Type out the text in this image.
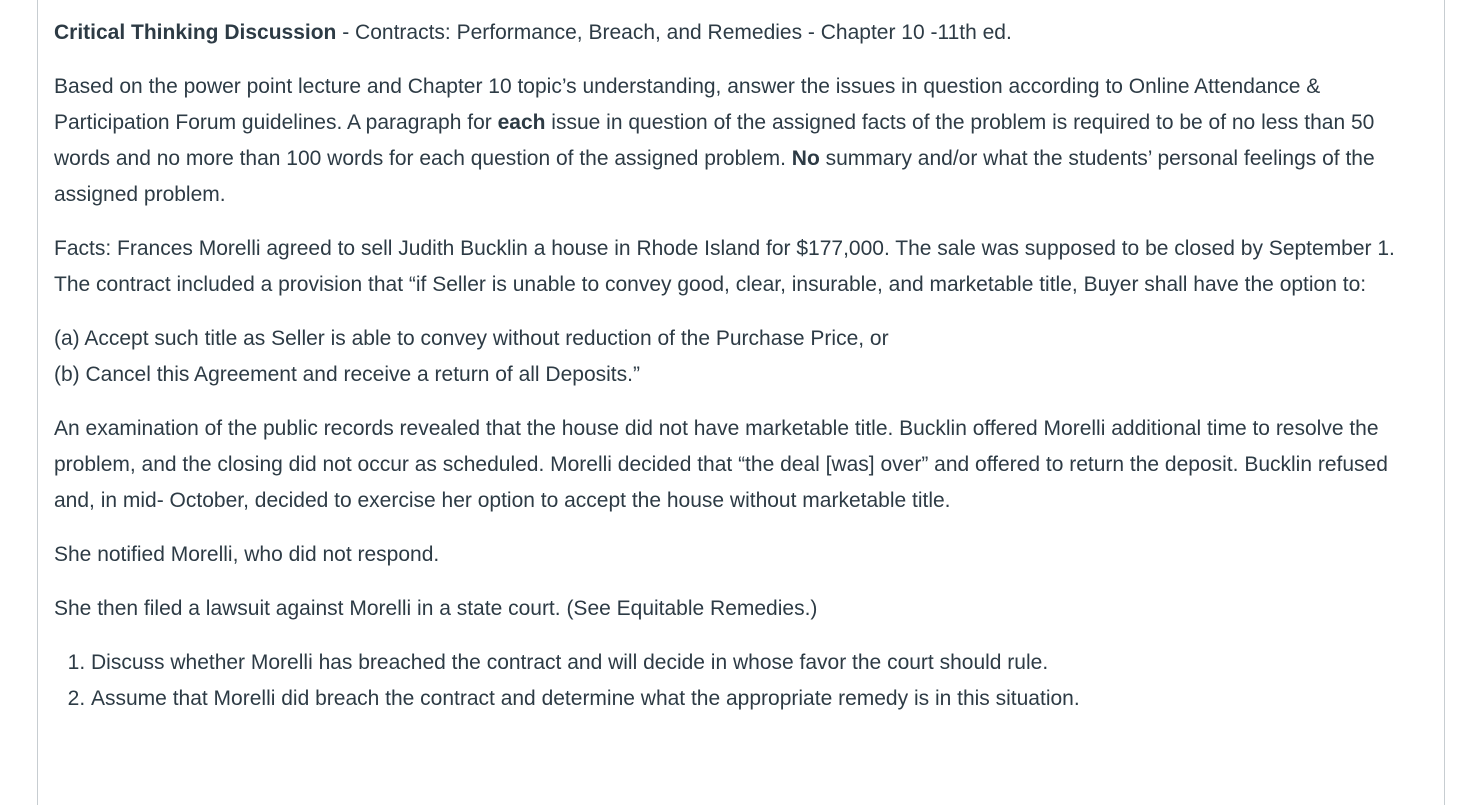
Critical Thinking Discussion - Contracts: Performance, Breach, and Remedies - Chapter 10 -11th ed.

Based on the power point lecture and Chapter 10 topic’s understanding, answer the issues in question according to Online Attendance & Participation Forum guidelines. A paragraph for each issue in question of the assigned facts of the problem is required to be of no less than 50 words and no more than 100 words for each question of the assigned problem. No summary and/or what the students’ personal feelings of the assigned problem.

Facts: Frances Morelli agreed to sell Judith Bucklin a house in Rhode Island for $177,000. The sale was supposed to be closed by September 1. The contract included a provision that “if Seller is unable to convey good, clear, insurable, and marketable title, Buyer shall have the option to:

(a) Accept such title as Seller is able to convey without reduction of the Purchase Price, or

(b) Cancel this Agreement and receive a return of all Deposits.”

An examination of the public records revealed that the house did not have marketable title. Bucklin offered Morelli additional time to resolve the problem, and the closing did not occur as scheduled. Morelli decided that “the deal [was] over” and offered to return the deposit. Bucklin refused and, in mid- October, decided to exercise her option to accept the house without marketable title.

She notified Morelli, who did not respond.

She then filed a lawsuit against Morelli in a state court. (See Equitable Remedies.)

1. Discuss whether Morelli has breached the contract and will decide in whose favor the court should rule.
2. Assume that Morelli did breach the contract and determine what the appropriate remedy is in this situation.
